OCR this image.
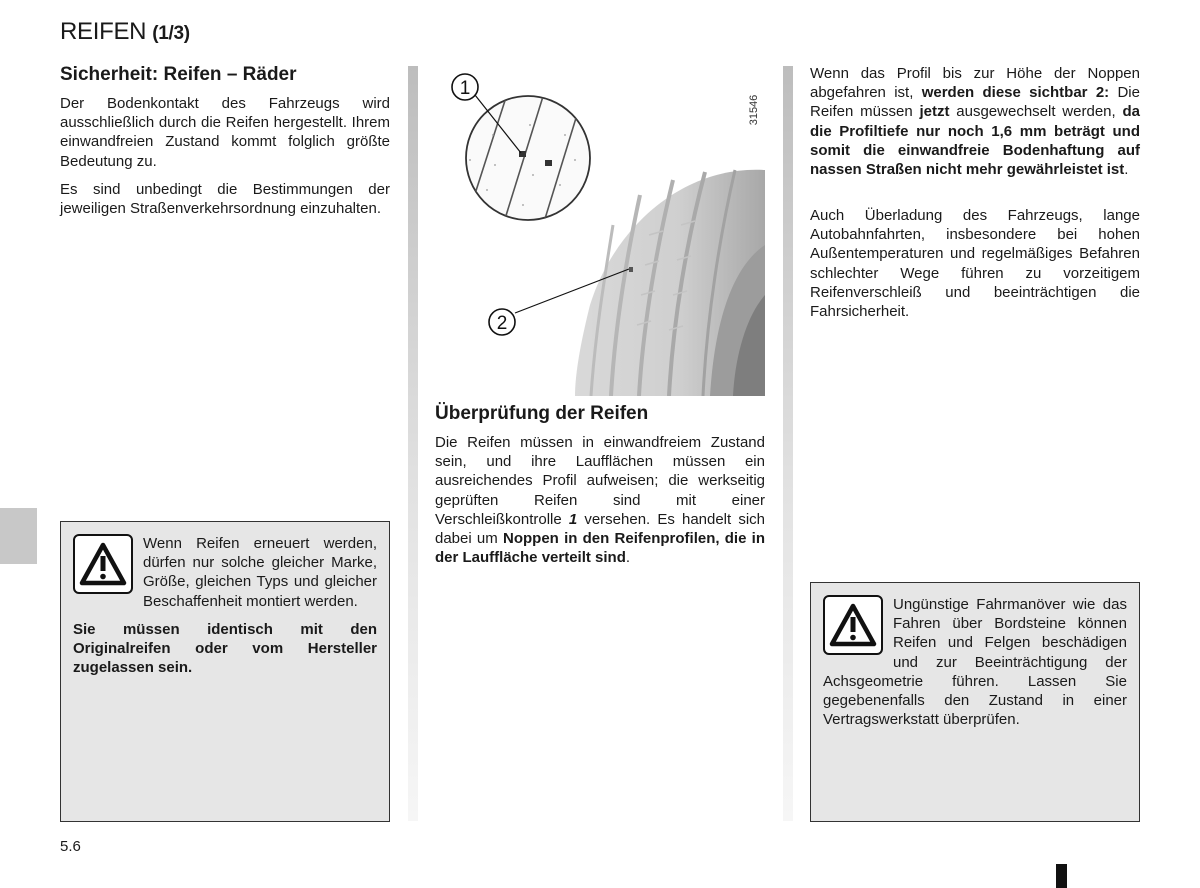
REIFEN (1/3)
Sicherheit: Reifen – Räder
Der Bodenkontakt des Fahrzeugs wird ausschließlich durch die Reifen hergestellt. Ihrem einwandfreien Zustand kommt folglich größte Bedeutung zu.
Es sind unbedingt die Bestimmungen der jeweiligen Straßenverkehrsordnung einzuhalten.
Wenn Reifen erneuert werden, dürfen nur solche gleicher Marke, Größe, gleichen Typs und gleicher Beschaffenheit montiert werden.
Sie müssen identisch mit den Originalreifen oder vom Hersteller zugelassen sein.
1
2
31546
Überprüfung der Reifen
Die Reifen müssen in einwandfreiem Zustand sein, und ihre Laufflächen müssen ein ausreichendes Profil aufweisen; die werkseitig geprüften Reifen sind mit einer Verschleißkontrolle 1 versehen. Es handelt sich dabei um Noppen in den Reifenprofilen, die in der Lauffläche verteilt sind.
Wenn das Profil bis zur Höhe der Noppen abgefahren ist, werden diese sichtbar 2: Die Reifen müssen jetzt ausgewechselt werden, da die Profiltiefe nur noch 1,6 mm beträgt und somit die einwandfreie Bodenhaftung auf nassen Straßen nicht mehr gewährleistet ist.
Auch Überladung des Fahrzeugs, lange Autobahnfahrten, insbesondere bei hohen Außentemperaturen und regelmäßiges Befahren schlechter Wege führen zu vorzeitigem Reifenverschleiß und beeinträchtigen die Fahrsicherheit.
Ungünstige Fahrmanöver wie das Fahren über Bordsteine können Reifen und Felgen beschädigen und zur Beeinträchtigung der Achsgeometrie führen. Lassen Sie gegebenenfalls den Zustand in einer Vertragswerkstatt überprüfen.
5.6
